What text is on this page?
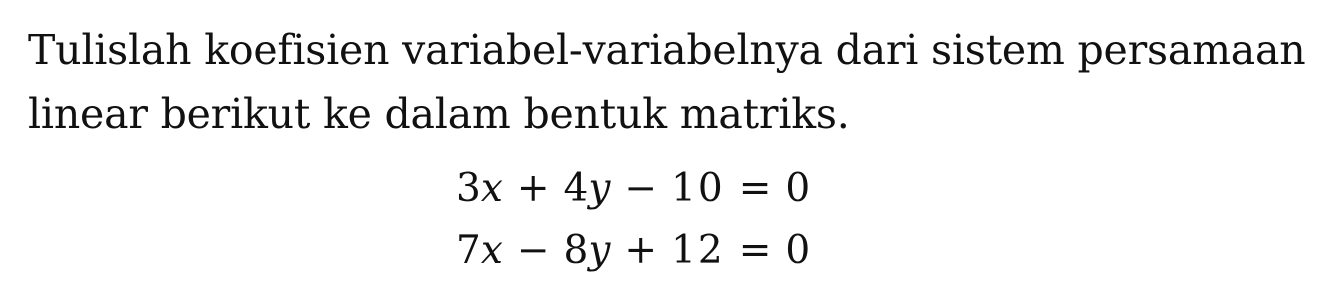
Tulislah koefisien variabel-variabelnya dari sistem persamaan linear berikut ke dalam bentuk matriks.
3 x + 4 y − 10 = 0
7 x − 8 y + 12 = 0
